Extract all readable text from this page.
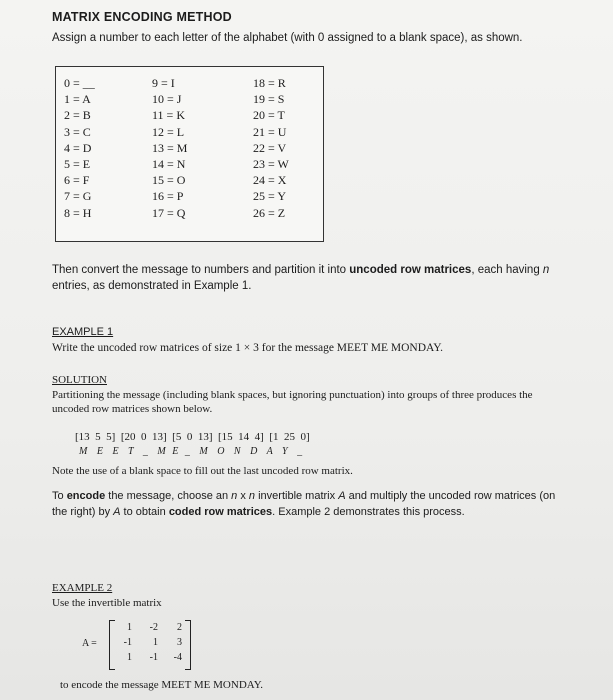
MATRIX ENCODING METHOD
Assign a number to each letter of the alphabet (with 0 assigned to a blank space), as shown.
0 = __
1 = A
2 = B
3 = C
4 = D
5 = E
6 = F
7 = G
8 = H
9 = I
10 = J
11 = K
12 = L
13 = M
14 = N
15 = O
16 = P
17 = Q
18 = R
19 = S
20 = T
21 = U
22 = V
23 = W
24 = X
25 = Y
26 = Z
Then convert the message to numbers and partition it into uncoded row matrices, each having n entries, as demonstrated in Example 1.
EXAMPLE 1
Write the uncoded row matrices of size 1 × 3 for the message MEET ME MONDAY.
SOLUTION
Partitioning the message (including blank spaces, but ignoring punctuation) into groups of three produces the uncoded row matrices shown below.
[13  5  5]  [20  0  13]  [5  0  13]  [15  14  4]  [1  25  0]
M   E   E   T   _   M  E  _   M   O   N   D   A   Y   _
Note the use of a blank space to fill out the last uncoded row matrix.
To encode the message, choose an n x n invertible matrix A and multiply the uncoded row matrices (on the right) by A to obtain coded row matrices. Example 2 demonstrates this process.
EXAMPLE 2
Use the invertible matrix
A =
1	-2	2
-1	1	3
1	-1	-4
to encode the message MEET ME MONDAY.
